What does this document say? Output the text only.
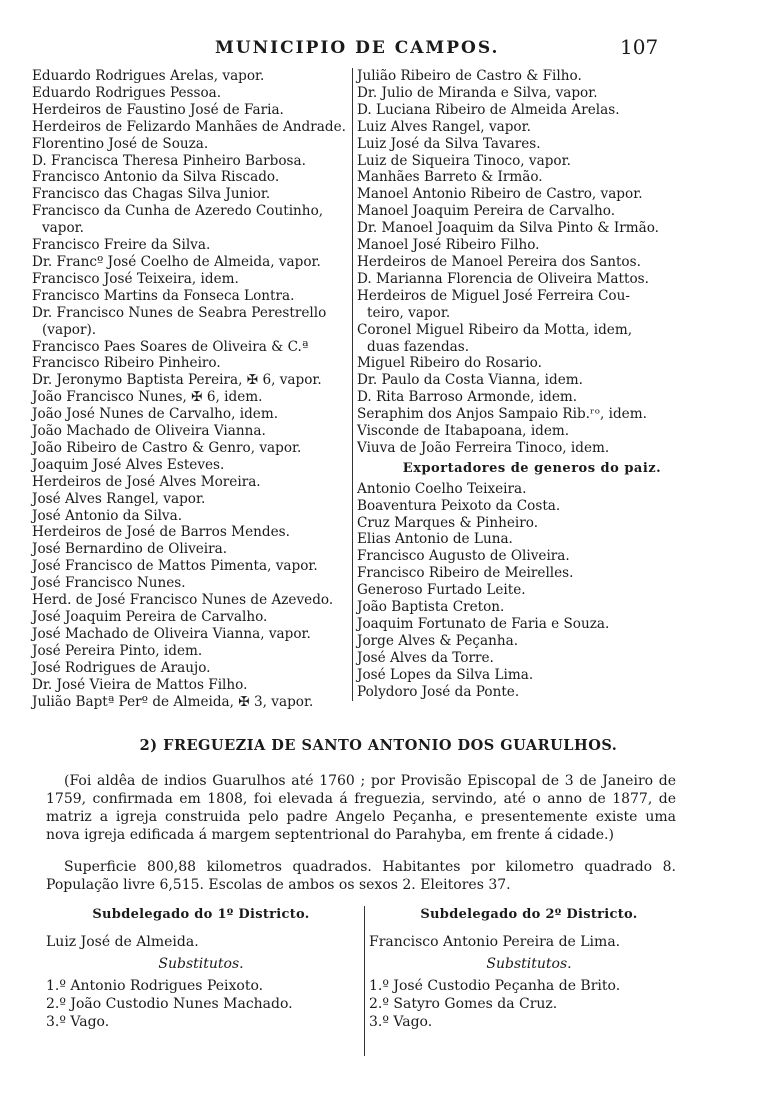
MUNICIPIO DE CAMPOS.	107
Eduardo Rodrigues Arelas, vapor.
Eduardo Rodrigues Pessoa.
Herdeiros de Faustino José de Faria.
Herdeiros de Felizardo Manhães de Andrade.
Florentino José de Souza.
D. Francisca Theresa Pinheiro Barbosa.
Francisco Antonio da Silva Riscado.
Francisco das Chagas Silva Junior.
Francisco da Cunha de Azeredo Coutinho,
vapor.
Francisco Freire da Silva.
Dr. Francº José Coelho de Almeida, vapor.
Francisco José Teixeira, idem.
Francisco Martins da Fonseca Lontra.
Dr. Francisco Nunes de Seabra Perestrello
(vapor).
Francisco Paes Soares de Oliveira & C.ª
Francisco Ribeiro Pinheiro.
Dr. Jeronymo Baptista Pereira, ✠ 6, vapor.
João Francisco Nunes, ✠ 6, idem.
João José Nunes de Carvalho, idem.
João Machado de Oliveira Vianna.
João Ribeiro de Castro & Genro, vapor.
Joaquim José Alves Esteves.
Herdeiros de José Alves Moreira.
José Alves Rangel, vapor.
José Antonio da Silva.
Herdeiros de José de Barros Mendes.
José Bernardino de Oliveira.
José Francisco de Mattos Pimenta, vapor.
José Francisco Nunes.
Herd. de José Francisco Nunes de Azevedo.
José Joaquim Pereira de Carvalho.
José Machado de Oliveira Vianna, vapor.
José Pereira Pinto, idem.
José Rodrigues de Araujo.
Dr. José Vieira de Mattos Filho.
Julião Baptª Perº de Almeida, ✠ 3, vapor.
Julião Ribeiro de Castro & Filho.
Dr. Julio de Miranda e Silva, vapor.
D. Luciana Ribeiro de Almeida Arelas.
Luiz Alves Rangel, vapor.
Luiz José da Silva Tavares.
Luiz de Siqueira Tinoco, vapor.
Manhães Barreto & Irmão.
Manoel Antonio Ribeiro de Castro, vapor.
Manoel Joaquim Pereira de Carvalho.
Dr. Manoel Joaquim da Silva Pinto & Irmão.
Manoel José Ribeiro Filho.
Herdeiros de Manoel Pereira dos Santos.
D. Marianna Florencia de Oliveira Mattos.
Herdeiros de Miguel José Ferreira Cou-
teiro, vapor.
Coronel Miguel Ribeiro da Motta, idem,
duas fazendas.
Miguel Ribeiro do Rosario.
Dr. Paulo da Costa Vianna, idem.
D. Rita Barroso Armonde, idem.
Seraphim dos Anjos Sampaio Rib.ʳᵒ, idem.
Visconde de Itabapoana, idem.
Viuva de João Ferreira Tinoco, idem.
Exportadores de generos do paiz.
Antonio Coelho Teixeira.
Boaventura Peixoto da Costa.
Cruz Marques & Pinheiro.
Elias Antonio de Luna.
Francisco Augusto de Oliveira.
Francisco Ribeiro de Meirelles.
Generoso Furtado Leite.
João Baptista Creton.
Joaquim Fortunato de Faria e Souza.
Jorge Alves & Peçanha.
José Alves da Torre.
José Lopes da Silva Lima.
Polydoro José da Ponte.
2) FREGUEZIA DE SANTO ANTONIO DOS GUARULHOS.
(Foi aldêa de indios Guarulhos até 1760 ; por Provisão Episcopal de 3 de Janeiro de 1759, confirmada em 1808, foi elevada á freguezia, servindo, até o anno de 1877, de matriz a igreja construida pelo padre Angelo Peçanha, e presentemente existe uma nova igreja edificada á margem septentrional do Parahyba, em frente á cidade.)
Superficie 800,88 kilometros quadrados. Habitantes por kilometro quadrado 8. População livre 6,515. Escolas de ambos os sexos 2. Eleitores 37.
Subdelegado do 1º Districto.
Luiz José de Almeida.
Substitutos.
1.º Antonio Rodrigues Peixoto.
2.º João Custodio Nunes Machado.
3.º Vago.
Subdelegado do 2º Districto.
Francisco Antonio Pereira de Lima.
Substitutos.
1.º José Custodio Peçanha de Brito.
2.º Satyro Gomes da Cruz.
3.º Vago.
